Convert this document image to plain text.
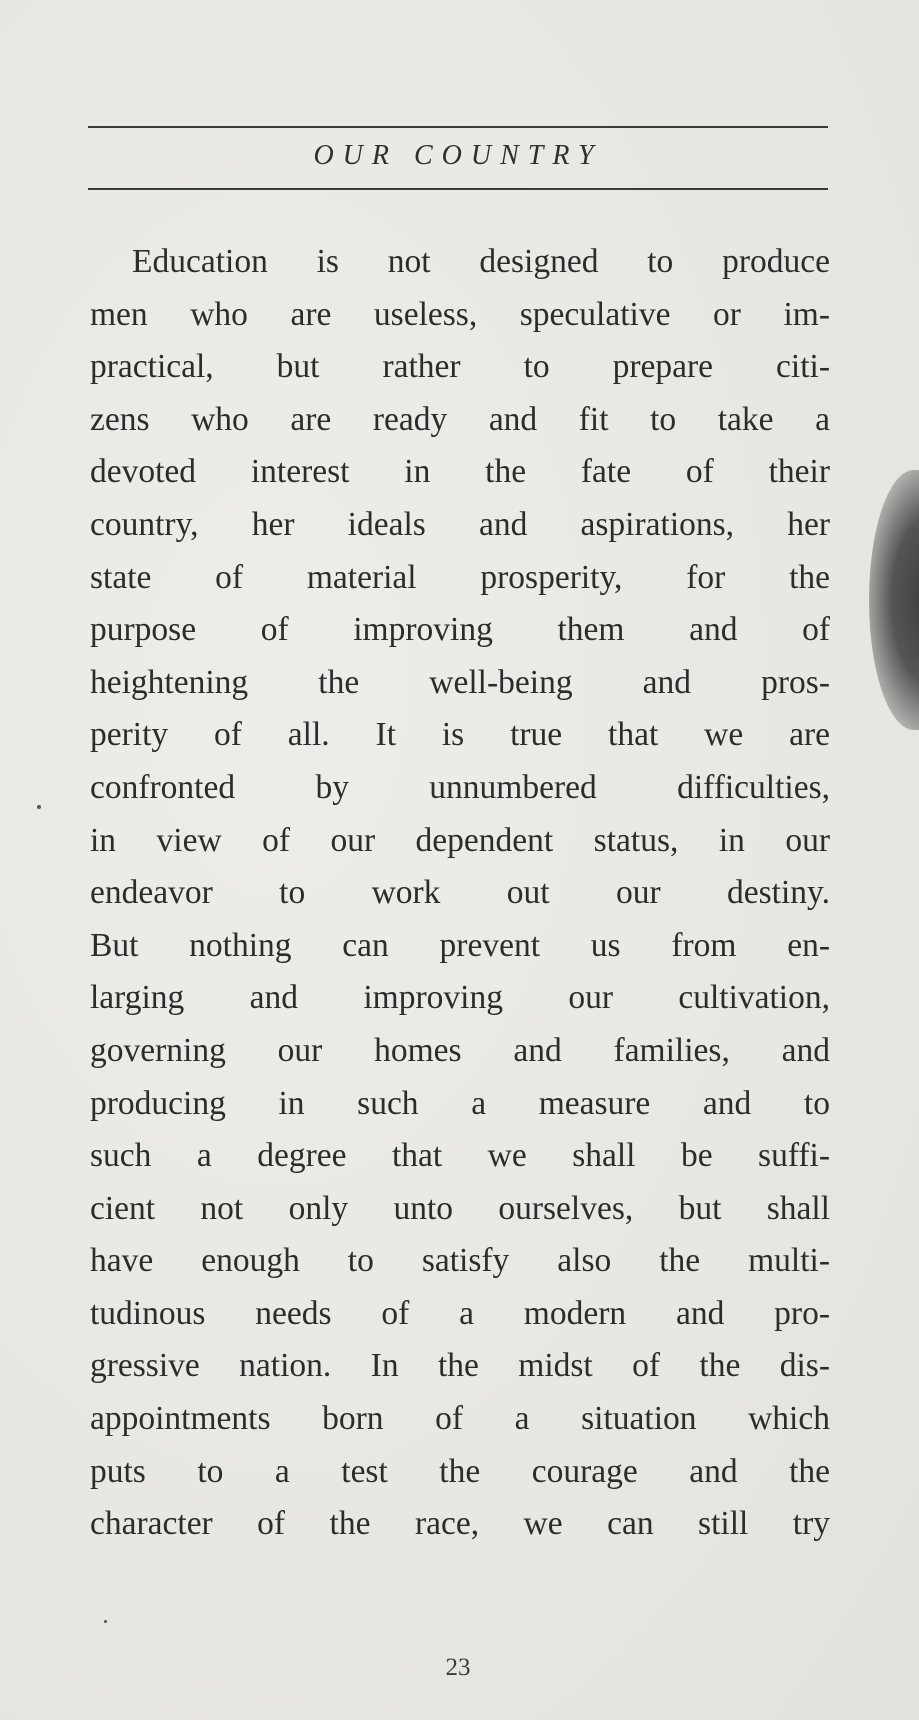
OUR COUNTRY
Education is not designed to produce
men who are useless, speculative or im-
practical, but rather to prepare citi-
zens who are ready and fit to take a
devoted interest in the fate of their
country, her ideals and aspirations, her
state of material prosperity, for the
purpose of improving them and of
heightening the well-being and pros-
perity of all. It is true that we are
confronted by unnumbered difficulties,
in view of our dependent status, in our
endeavor to work out our destiny.
But nothing can prevent us from en-
larging and improving our cultivation,
governing our homes and families, and
producing in such a measure and to
such a degree that we shall be suffi-
cient not only unto ourselves, but shall
have enough to satisfy also the multi-
tudinous needs of a modern and pro-
gressive nation. In the midst of the dis-
appointments born of a situation which
puts to a test the courage and the
character of the race, we can still try
23
